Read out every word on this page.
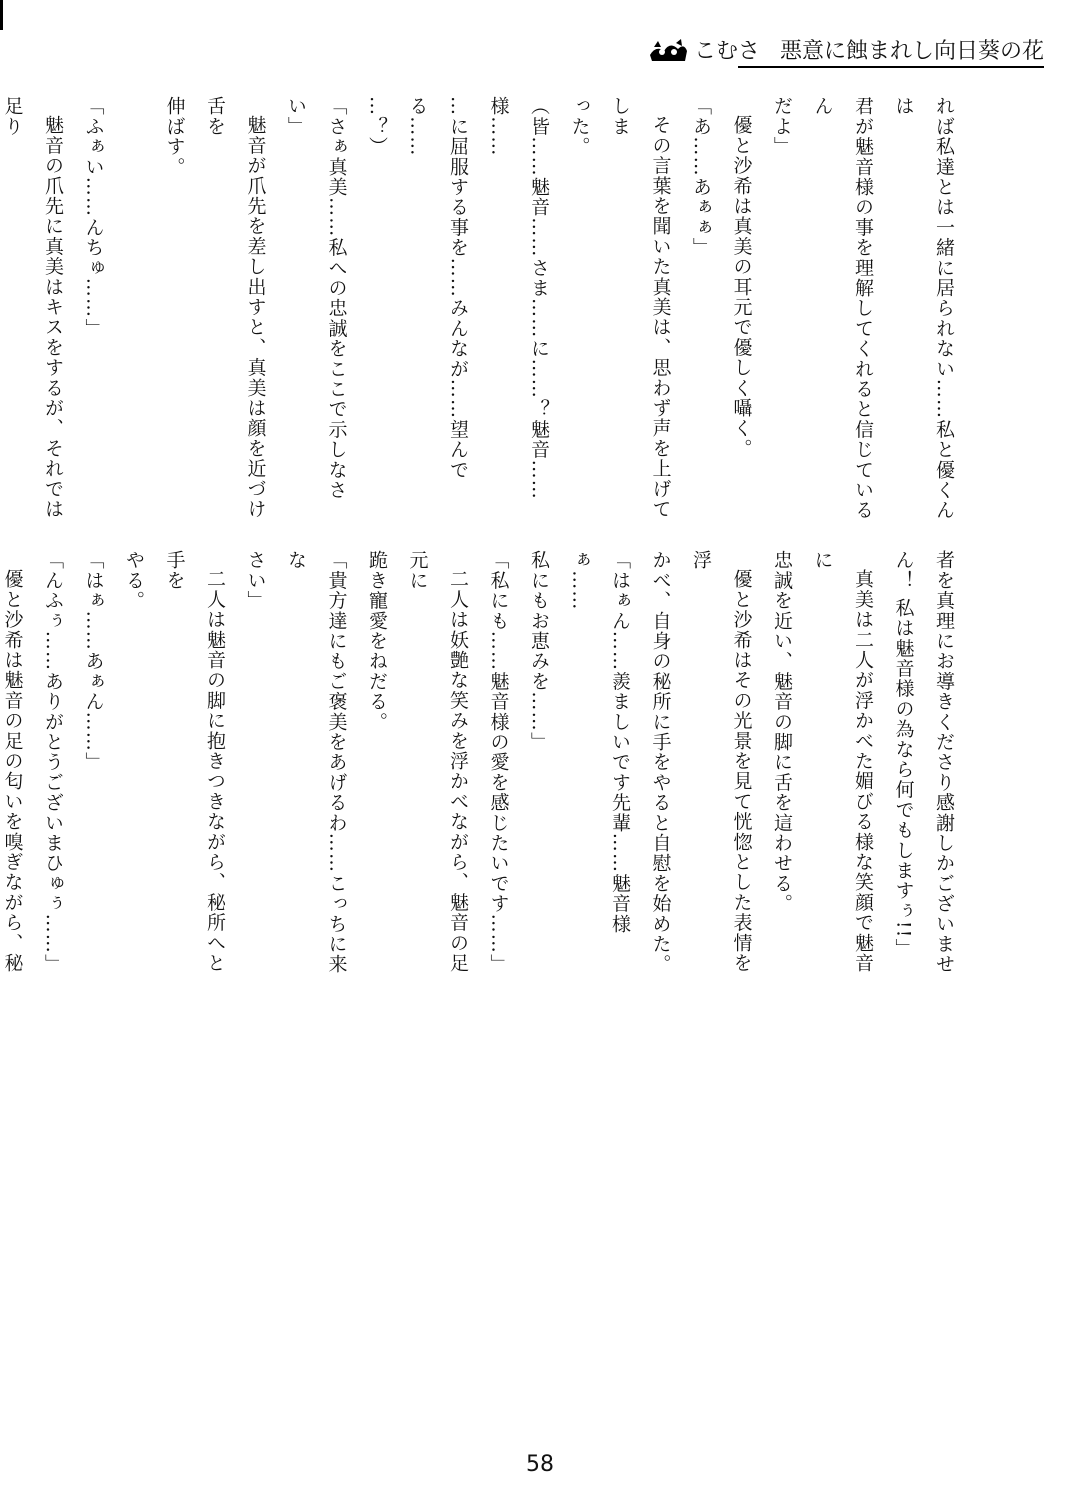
こむさ 悪意に蝕まれし向日葵の花

れば私達とは一緒に居られない……私と優くんは

君が魅音様の事を理解してくれると信じているん

だよ」

優と沙希は真美の耳元で優しく囁く。

「あ……あぁぁ」

その言葉を聞いた真美は、思わず声を上げてしま

った。

（皆……魅音……さま……に……？魅音……様……

…に屈服する事を……みんなが……望んでる……

…？）

「さぁ真美……私への忠誠をここで示しなさい」

魅音が爪先を差し出すと、真美は顔を近づけ舌を

伸ばす。

「ふぁい……んちゅ……」

魅音の爪先に真美はキスをするが、それでは足り

者を真理にお導きくださり感謝しかございませ

ん！ 私は魅音様の為なら何でもしますぅ!!」

真美は二人が浮かべた媚びる様な笑顔で魅音に

忠誠を近い、魅音の脚に舌を這わせる。

優と沙希はその光景を見て恍惚とした表情を浮

かべ、自身の秘所に手をやると自慰を始めた。

「はぁん……羨ましいです先輩……魅音様ぁ……

私にもお恵みを……」

「私にも……魅音様の愛を感じたいです……」

二人は妖艶な笑みを浮かべながら、魅音の足元に

跪き寵愛をねだる。

「貴方達にもご褒美をあげるわ……こっちに来な

さい」

二人は魅音の脚に抱きつきながら、秘所へと手を

やる。

「はぁ……あぁん……」

「んふぅ……ありがとうございまひゅぅ……」

優と沙希は魅音の足の匂いを嗅ぎながら、秘

58
